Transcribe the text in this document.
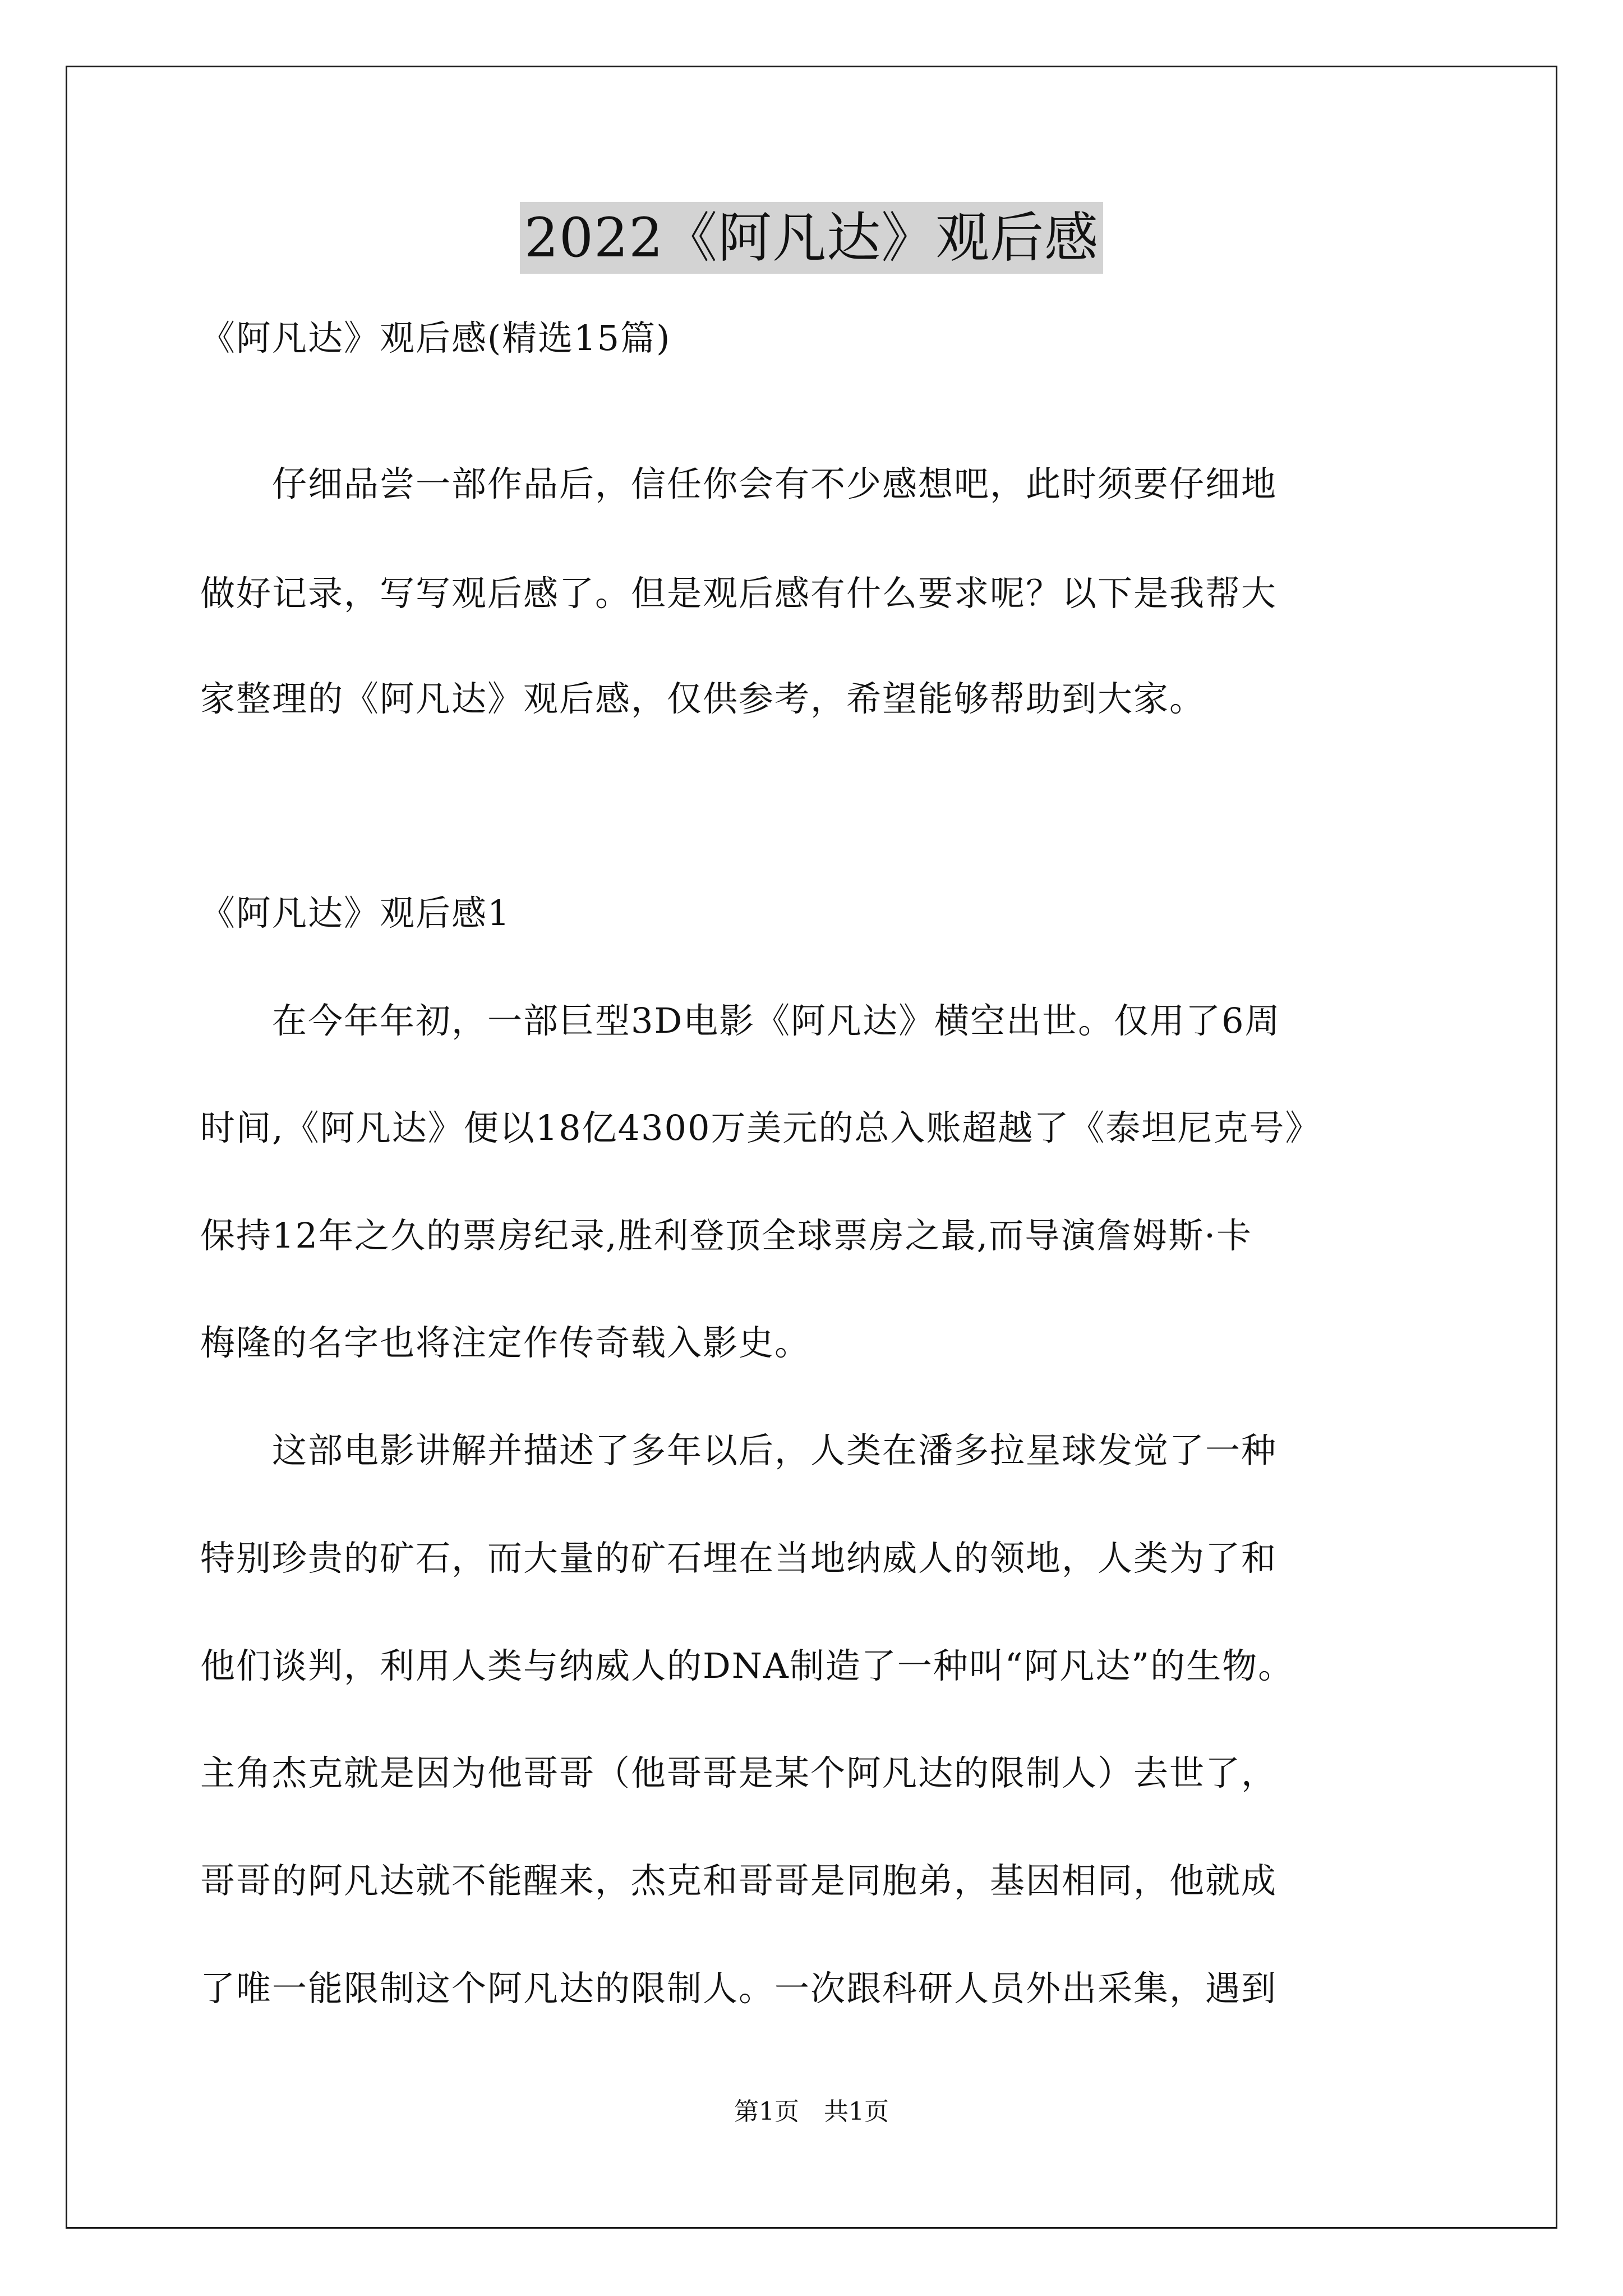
2022《阿凡达》观后感
《阿凡达》观后感(精选15篇)
　　仔细品尝一部作品后，信任你会有不少感想吧，此时须要仔细地
做好记录，写写观后感了。但是观后感有什么要求呢？以下是我帮大
家整理的《阿凡达》观后感，仅供参考，希望能够帮助到大家。
《阿凡达》观后感1
　　在今年年初，一部巨型3D电影《阿凡达》横空出世。仅用了6周
时间,《阿凡达》便以18亿4300万美元的总入账超越了《泰坦尼克号》
保持12年之久的票房纪录,胜利登顶全球票房之最,而导演詹姆斯·卡
梅隆的名字也将注定作传奇载入影史。
　　这部电影讲解并描述了多年以后，人类在潘多拉星球发觉了一种
特别珍贵的矿石，而大量的矿石埋在当地纳威人的领地，人类为了和
他们谈判，利用人类与纳威人的DNA制造了一种叫“阿凡达”的生物。
主角杰克就是因为他哥哥（他哥哥是某个阿凡达的限制人）去世了，
哥哥的阿凡达就不能醒来，杰克和哥哥是同胞弟，基因相同，他就成
了唯一能限制这个阿凡达的限制人。一次跟科研人员外出采集，遇到
第1页　共1页
